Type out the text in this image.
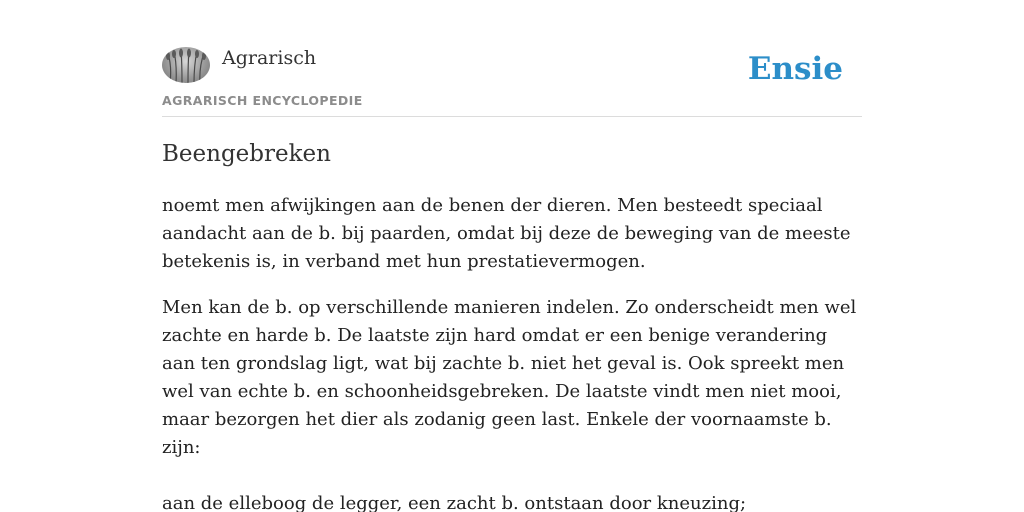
Agrarisch
AGRARISCH ENCYCLOPEDIE
Ensie
Beengebreken

noemt men afwijkingen aan de benen der dieren. Men besteedt speciaal aandacht aan de b. bij paarden, omdat bij deze de beweging van de meeste betekenis is, in verband met hun prestatievermogen.

Men kan de b. op verschillende manieren indelen. Zo onderscheidt men wel zachte en harde b. De laatste zijn hard omdat er een benige verandering aan ten grondslag ligt, wat bij zachte b. niet het geval is. Ook spreekt men wel van echte b. en schoonheidsgebreken. De laatste vindt men niet mooi, maar bezorgen het dier als zodanig geen last. Enkele der voornaamste b. zijn:

aan de elleboog de legger, een zacht b. ontstaan door kneuzing;
